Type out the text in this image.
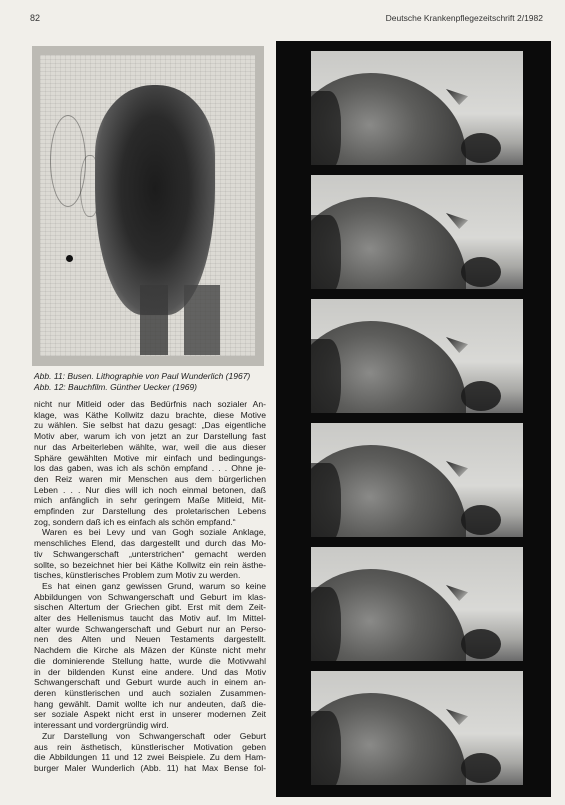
82	Deutsche Krankenpflegezeitschrift 2/1982
Abb. 11: Busen. Lithographie von Paul Wunderlich (1967)
Abb. 12: Bauchfilm. Günther Uecker (1969)
nicht nur Mitleid oder das Bedürfnis nach sozialer An-
klage, was Käthe Kollwitz dazu brachte, diese Motive
zu wählen. Sie selbst hat dazu gesagt: „Das eigentliche
Motiv aber, warum ich von jetzt an zur Darstellung fast
nur das Arbeiterleben wählte, war, weil die aus dieser
Sphäre gewählten Motive mir einfach und bedingungs-
los das gaben, was ich als schön empfand . . . Ohne je-
den Reiz waren mir Menschen aus dem bürgerlichen
Leben . . . Nur dies will ich noch einmal betonen, daß
mich anfänglich in sehr geringem Maße Mitleid, Mit-
empfinden zur Darstellung des proletarischen Lebens
zog, sondern daß ich es einfach als schön empfand.“
Waren es bei Levy und van Gogh soziale Anklage,
menschliches Elend, das dargestellt und durch das Mo-
tiv Schwangerschaft „unterstrichen“ gemacht werden
sollte, so bezeichnet hier bei Käthe Kollwitz ein rein ästhe-
tisches, künstlerisches Problem zum Motiv zu werden.
Es hat einen ganz gewissen Grund, warum so keine
Abbildungen von Schwangerschaft und Geburt im klas-
sischen Altertum der Griechen gibt. Erst mit dem Zeit-
alter des Hellenismus taucht das Motiv auf. Im Mittel-
alter wurde Schwangerschaft und Geburt nur an Perso-
nen des Alten und Neuen Testaments dargestellt.
Nachdem die Kirche als Mäzen der Künste nicht mehr
die dominierende Stellung hatte, wurde die Motivwahl
in der bildenden Kunst eine andere. Und das Motiv
Schwangerschaft und Geburt wurde auch in einem an-
deren künstlerischen und auch sozialen Zusammen-
hang gewählt. Damit wollte ich nur andeuten, daß die-
ser soziale Aspekt nicht erst in unserer modernen Zeit
interessant und vordergründig wird.
Zur Darstellung von Schwangerschaft oder Geburt
aus rein ästhetisch, künstlerischer Motivation geben
die Abbildungen 11 und 12 zwei Beispiele. Zu dem Ham-
burger Maler Wunderlich (Abb. 11) hat Max Bense fol-
